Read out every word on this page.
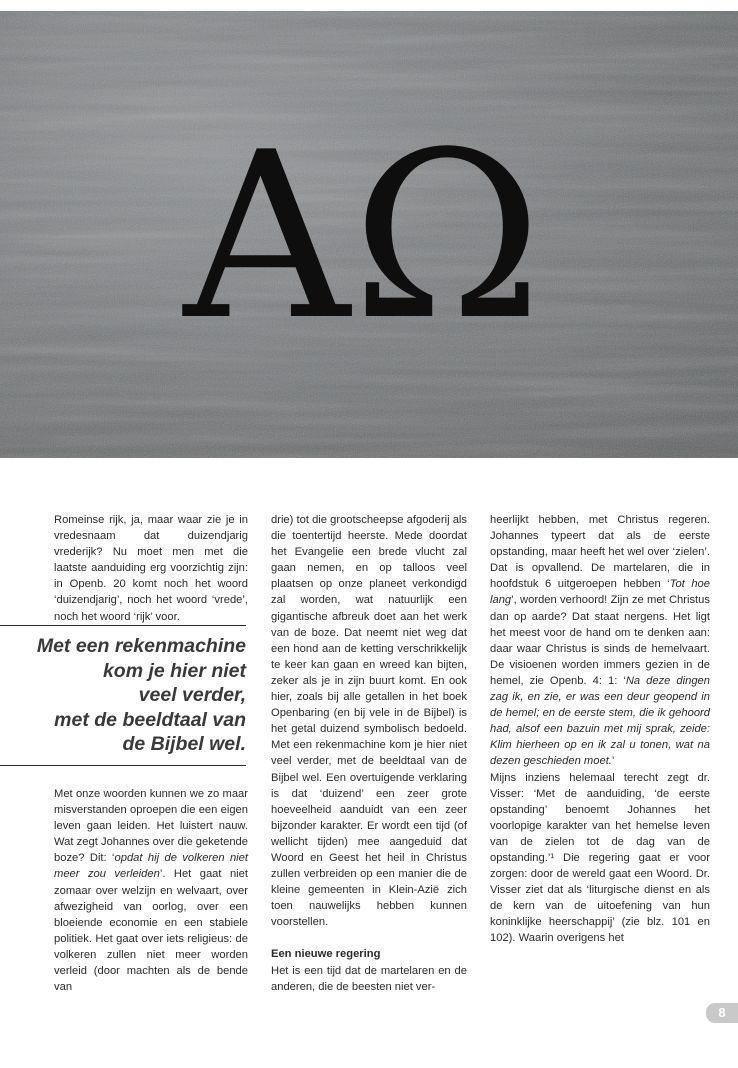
AΩ

Romeinse rijk, ja, maar waar zie je in vredesnaam dat duizendjarig vrederijk? Nu moet men met die laatste aanduiding erg voorzichtig zijn: in Openb. 20 komt noch het woord ‘duizendjarig’, noch het woord ‘vrede’, noch het woord ‘rijk’ voor.

Met een rekenmachine
kom je hier niet
veel verder,
met de beeldtaal van
de Bijbel wel.

Met onze woorden kunnen we zo maar misverstanden oproepen die een eigen leven gaan leiden. Het luistert nauw. Wat zegt Johannes over die geketende boze? Dit: ‘opdat hij de volkeren niet meer zou verleiden’. Het gaat niet zomaar over welzijn en welvaart, over afwezigheid van oorlog, over een bloeiende economie en een stabiele politiek. Het gaat over iets religieus: de volkeren zullen niet meer worden verleid (door machten als de bende van

drie) tot die grootscheepse afgoderij als die toentertijd heerste. Mede doordat het Evangelie een brede vlucht zal gaan nemen, en op talloos veel plaatsen op onze planeet verkondigd zal worden, wat natuurlijk een gigantische afbreuk doet aan het werk van de boze. Dat neemt niet weg dat een hond aan de ketting verschrikkelijk te keer kan gaan en wreed kan bijten, zeker als je in zijn buurt komt. En ook hier, zoals bij alle getallen in het boek Openbaring (en bij vele in de Bijbel) is het getal duizend symbolisch bedoeld. Met een rekenmachine kom je hier niet veel verder, met de beeldtaal van de Bijbel wel. Een overtuigende verklaring is dat ‘duizend’ een zeer grote hoeveelheid aanduidt van een zeer bijzonder karakter. Er wordt een tijd (of wellicht tijden) mee aangeduid dat Woord en Geest het heil in Christus zullen verbreiden op een manier die de kleine gemeenten in Klein-Azië zich toen nauwelijks hebben kunnen voorstellen.

Een nieuwe regering

Het is een tijd dat de martelaren en de anderen, die de beesten niet ver-

heerlijkt hebben, met Christus regeren. Johannes typeert dat als de eerste opstanding, maar heeft het wel over ‘zielen’. Dat is opvallend. De martelaren, die in hoofdstuk 6 uitgeroepen hebben ‘Tot hoe lang’, worden verhoord! Zijn ze met Christus dan op aarde? Dat staat nergens. Het ligt het meest voor de hand om te denken aan: daar waar Christus is sinds de hemelvaart. De visioenen worden immers gezien in de hemel, zie Openb. 4: 1: ‘Na deze dingen zag ik, en zie, er was een deur geopend in de hemel; en de eerste stem, die ik gehoord had, alsof een bazuin met mij sprak, zeide: Klim hierheen op en ik zal u tonen, wat na dezen geschieden moet.’

Mijns inziens helemaal terecht zegt dr. Visser: ‘Met de aanduiding, ‘de eerste opstanding’ benoemt Johannes het voorlopige karakter van het hemelse leven van de zielen tot de dag van de opstanding.’¹ Die regering gaat er voor zorgen: door de wereld gaat een Woord. Dr. Visser ziet dat als ‘liturgische dienst en als de kern van de uitoefening van hun koninklijke heerschappij’ (zie blz. 101 en 102). Waarin overigens het

8
